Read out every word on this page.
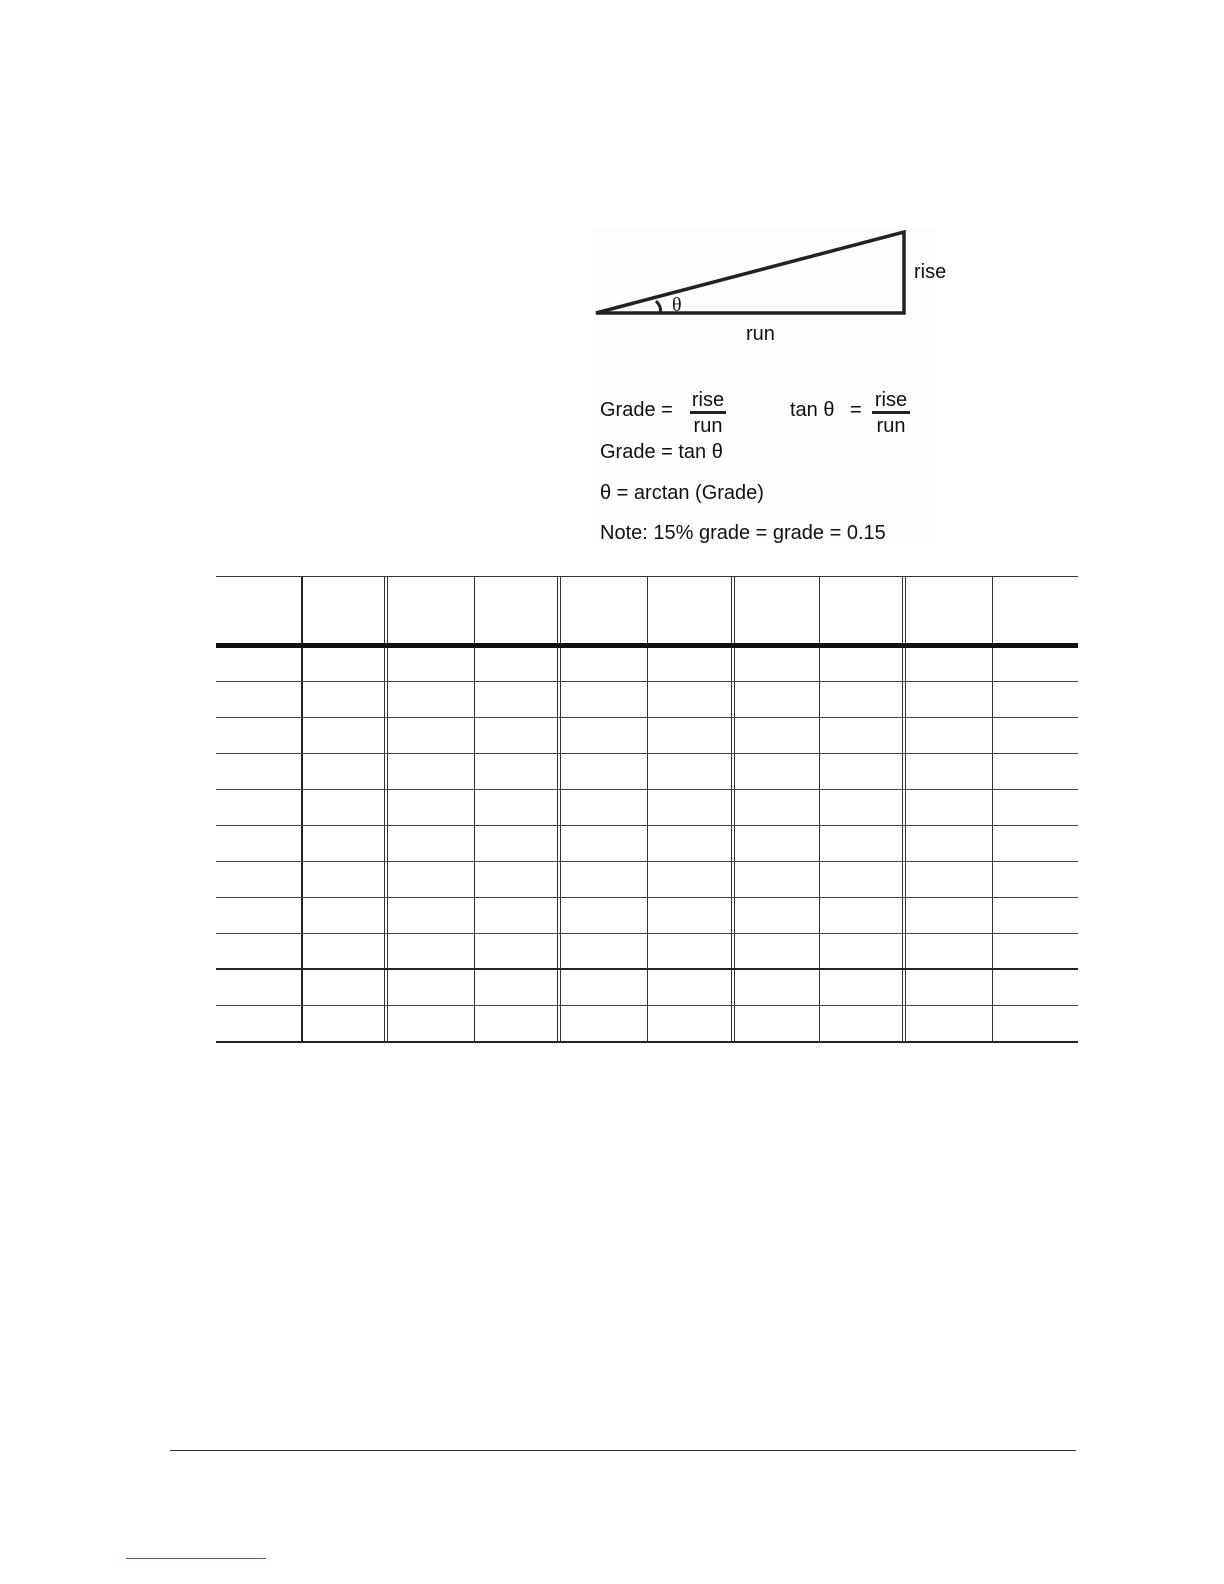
rise
θ
run
Grade = rise
run
tan θ = rise
run
Grade = tan θ
θ = arctan (Grade)
Note: 15% grade = grade = 0.15
